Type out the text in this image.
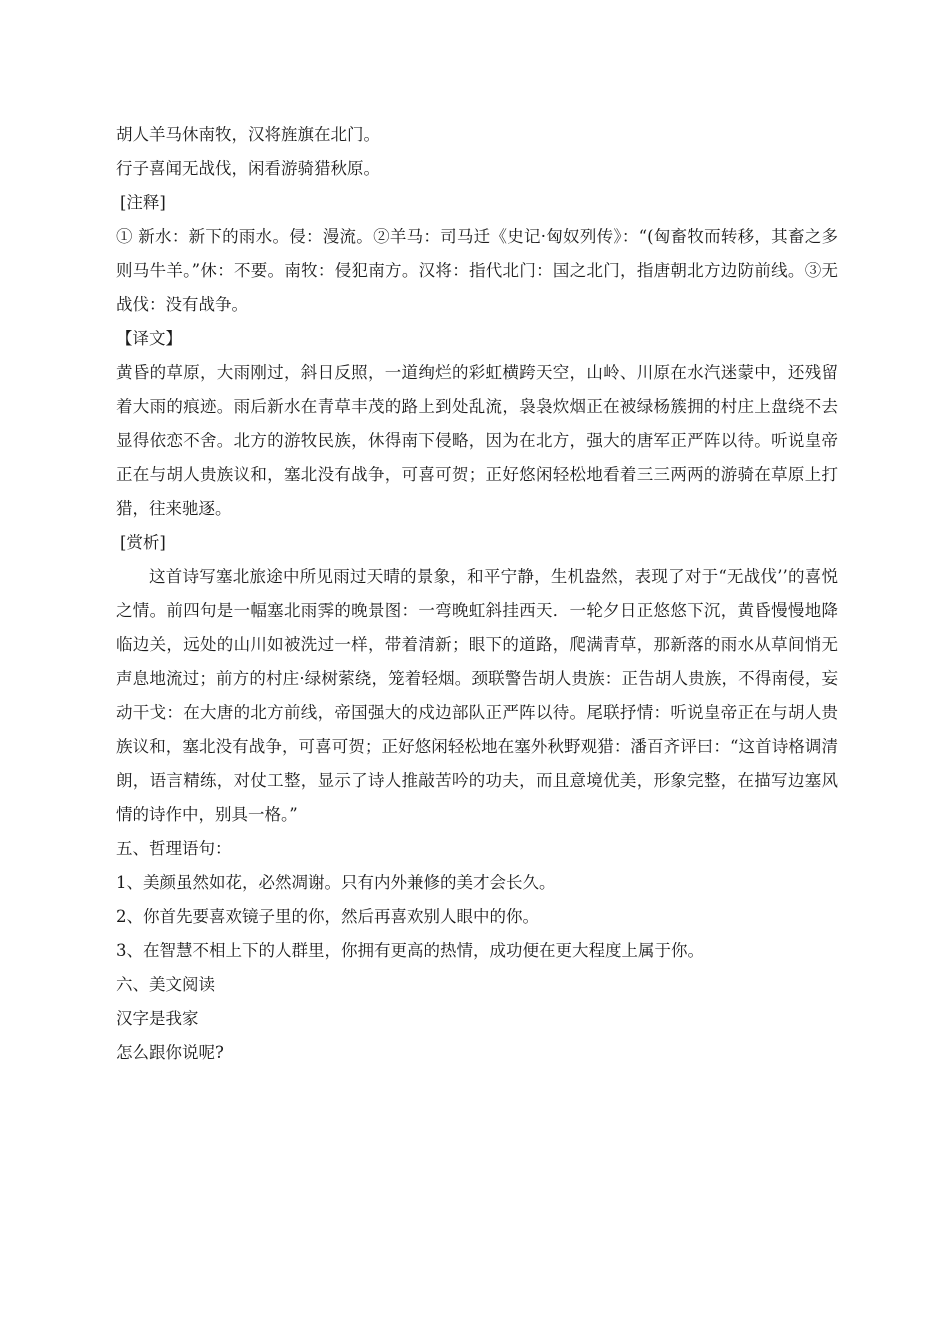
胡人羊马休南牧，汉将旌旗在北门。
行子喜闻无战伐，闲看游骑猎秋原。
[注释]
① 新水：新下的雨水。侵：漫流。②羊马：司马迁《史记·匈奴列传》：“(匈畜牧而转移，其畜之多则马牛羊。”休：不要。南牧：侵犯南方。汉将：指代北门：国之北门，指唐朝北方边防前线。③无战伐：没有战争。
【译文】
黄昏的草原，大雨刚过，斜日反照，一道绚烂的彩虹横跨天空，山岭、川原在水汽迷蒙中，还残留着大雨的痕迹。雨后新水在青草丰茂的路上到处乱流，袅袅炊烟正在被绿杨簇拥的村庄上盘绕不去显得依恋不舍。北方的游牧民族，休得南下侵略，因为在北方，强大的唐军正严阵以待。听说皇帝正在与胡人贵族议和，塞北没有战争，可喜可贺；正好悠闲轻松地看着三三两两的游骑在草原上打猎，往来驰逐。
[赏析]
这首诗写塞北旅途中所见雨过天晴的景象，和平宁静，生机盎然，表现了对于“无战伐’’的喜悦之情。前四句是一幅塞北雨霁的晚景图：一弯晚虹斜挂西天．一轮夕日正悠悠下沉，黄昏慢慢地降临边关，远处的山川如被洗过一样，带着清新；眼下的道路，爬满青草，那新落的雨水从草间悄无声息地流过；前方的村庄·绿树萦绕，笼着轻烟。颈联警告胡人贵族：正告胡人贵族，不得南侵，妄动干戈：在大唐的北方前线，帝国强大的戍边部队正严阵以待。尾联抒情：听说皇帝正在与胡人贵族议和，塞北没有战争，可喜可贺；正好悠闲轻松地在塞外秋野观猎：潘百齐评曰：“这首诗格调清朗，语言精练，对仗工整，显示了诗人推敲苦吟的功夫，而且意境优美，形象完整，在描写边塞风情的诗作中，别具一格。”
五、哲理语句：
1、美颜虽然如花，必然凋谢。只有内外兼修的美才会长久。
2、你首先要喜欢镜子里的你，然后再喜欢别人眼中的你。
3、在智慧不相上下的人群里，你拥有更高的热情，成功便在更大程度上属于你。
六、美文阅读
汉字是我家
怎么跟你说呢?
